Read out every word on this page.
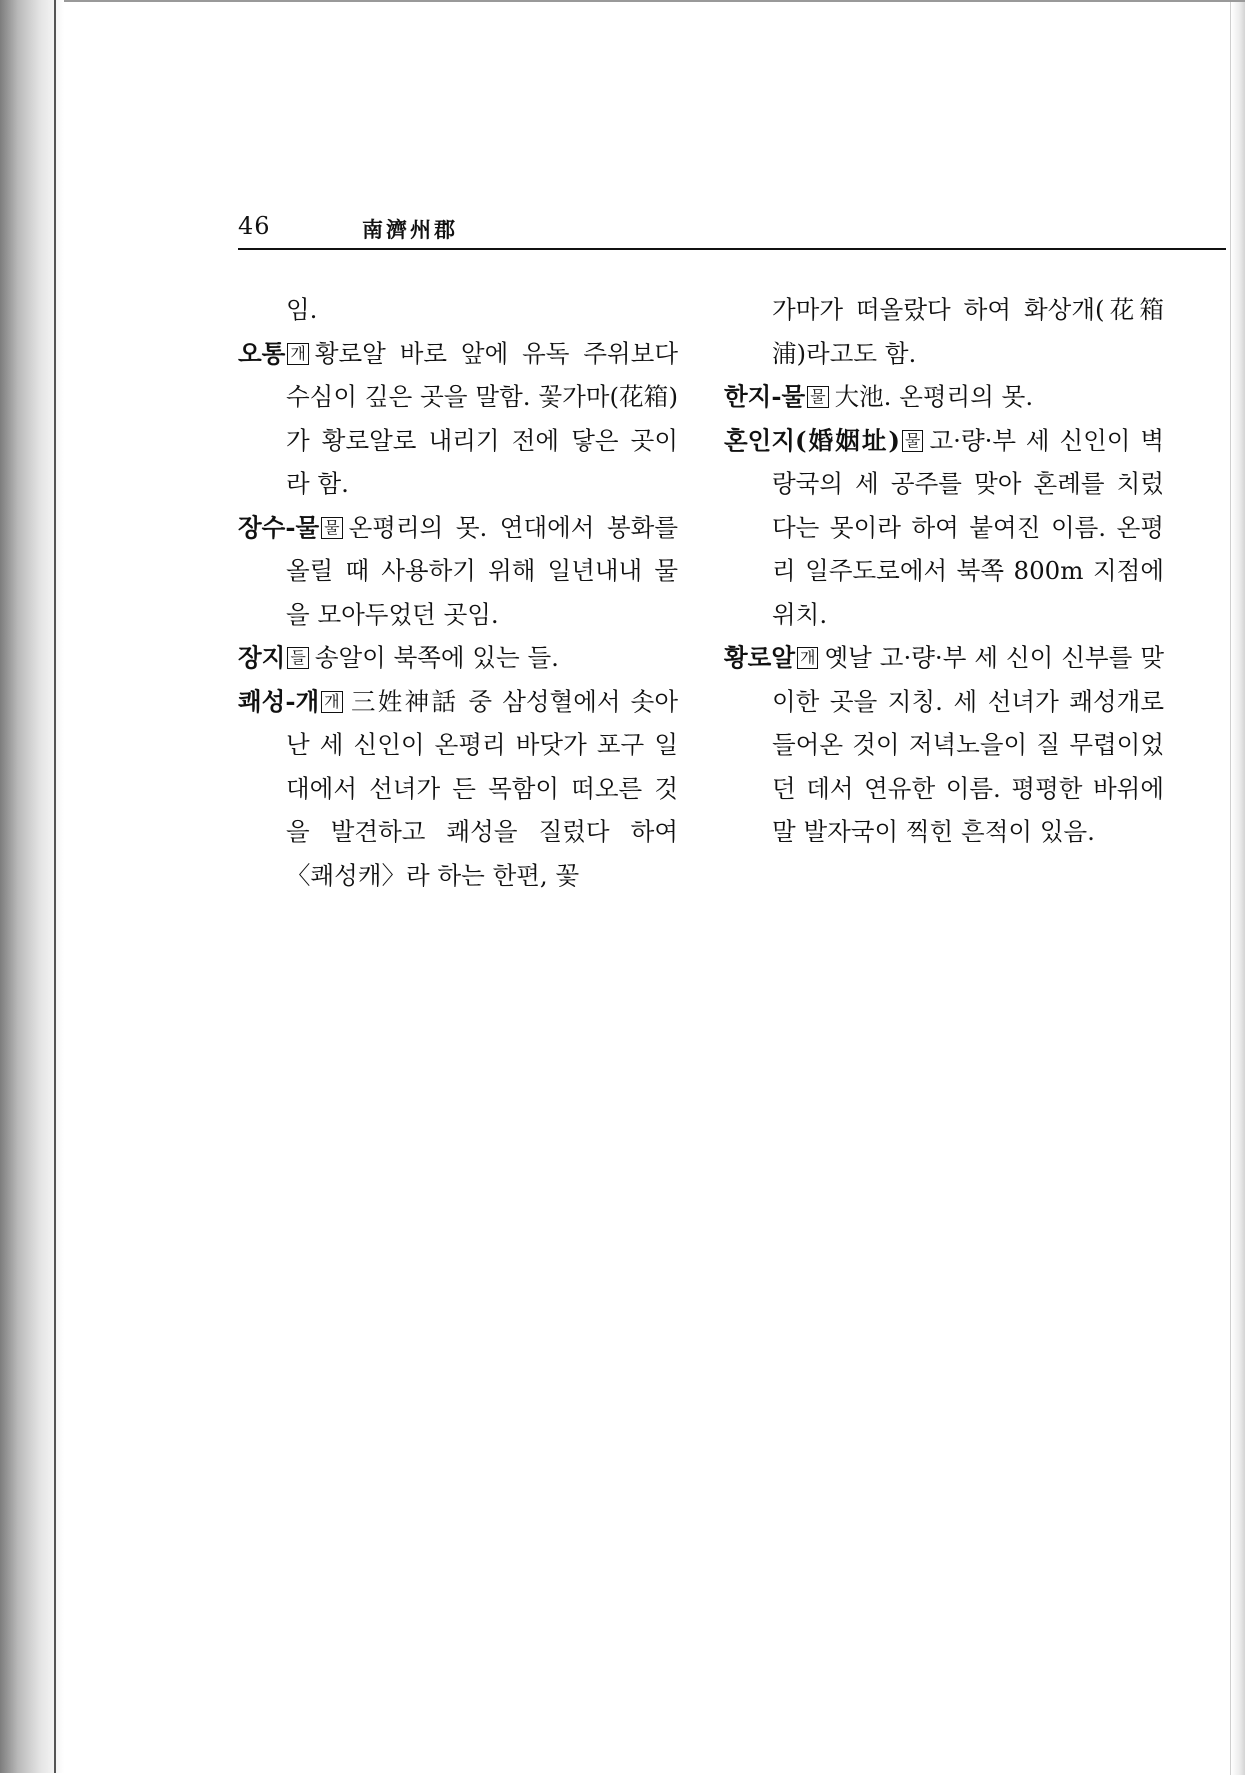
46	南濟州郡

임.

오통 개 황로알 바로 앞에 유독 주위보다 수심이 깊은 곳을 말함. 꽃가마(花箱)가 황로알로 내리기 전에 닿은 곳이라 함.

장수-물 물 온평리의 못. 연대에서 봉화를 올릴 때 사용하기 위해 일년내내 물을 모아두었던 곳임.

장지 들 송알이 북쪽에 있는 들.

쾌성-개 개 三姓神話 중 삼성혈에서 솟아난 세 신인이 온평리 바닷가 포구 일대에서 선녀가 든 목함이 떠오른 것을 발견하고 쾌성을 질렀다 하여 〈쾌성캐〉라 하는 한편, 꽃

가마가 떠올랐다 하여 화상개(花箱浦)라고도 함.

한지-물 물 大池. 온평리의 못.

혼인지(婚姻址) 물 고·량·부 세 신인이 벽랑국의 세 공주를 맞아 혼례를 치렀다는 못이라 하여 붙여진 이름. 온평리 일주도로에서 북쪽 800m 지점에 위치.

황로알 개 옛날 고·량·부 세 신이 신부를 맞이한 곳을 지칭. 세 선녀가 쾌성개로 들어온 것이 저녁노을이 질 무렵이었던 데서 연유한 이름. 평평한 바위에 말 발자국이 찍힌 흔적이 있음.
